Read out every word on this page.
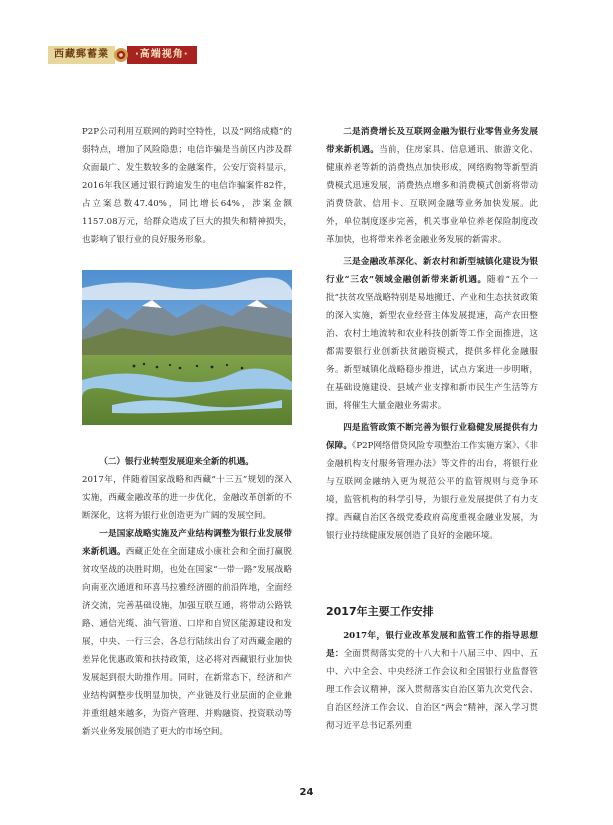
西藏郵蓄業	·高端视角·

P2P公司利用互联网的跨时空特性，以及“网络成瘾”的弱特点，增加了风险隐患；电信诈骗是当前区内涉及群众面最广、发生数较多的金融案件，公安厅资料显示，2016年我区通过银行跨逾发生的电信诈骗案件82件，占立案总数47.40%，同比增长64%，涉案金额1157.08万元，给群众造成了巨大的损失和精神损失，也影响了银行业的良好服务形象。

（二）银行业转型发展迎来全新的机遇。

2017年，伴随着国家战略和西藏“十三五”规划的深入实施，西藏金融改革的进一步优化，金融改革创新的不断深化，这将为银行业创造更为广阔的发展空间。

一是国家战略实施及产业结构调整为银行业发展带来新机遇。西藏正处在全面建成小康社会和全面打赢脱贫攻坚战的决胜时期，也处在国家“一带一路”发展战略向南亚次通道和环喜马拉雅经济圈的前沿阵地，全面经济交流，完善基础设施，加强互联互通，将带动公路铁路、通信光缆、油气管道、口岸和自贸区能源建设和发展，中央、一行三会、各总行陆续出台了对西藏金融的差异化优惠政策和扶持政策，这必将对西藏银行业加快发展起到很大助推作用。同时，在新常态下，经济和产业结构调整步伐明显加快，产业链及行业层面的企业兼并重组越来越多，为资产管理、并购融资、投资联动等新兴业务发展创造了更大的市场空间。

二是消费增长及互联网金融为银行业零售业务发展带来新机遇。当前，住房家具、信息通讯、旅游文化、健康养老等新的消费热点加快形成，网络购物等新型消费模式迅速发展，消费热点增多和消费模式创新将带动消费贷款、信用卡、互联网金融等业务加快发展。此外，单位制度逐步完善，机关事业单位养老保险制度改革加快，也将带来养老金融业务发展的新需求。

三是金融改革深化、新农村和新型城镇化建设为银行业“三农”领域金融创新带来新机遇。随着“五个一批”扶贫攻坚战略特别是易地搬迁、产业和生态扶贫政策的深入实施，新型农业经营主体发展提速，高产农田整治、农村土地流转和农业科技创新等工作全面推进，这都需要银行业创新扶贫融资模式，提供多样化金融服务。新型城镇化战略稳步推进，试点方案进一步明晰，在基础设施建设、县域产业支撑和新市民生产生活等方面，将催生大量金融业务需求。

四是监管政策不断完善为银行业稳健发展提供有力保障。《P2P网络借贷风险专项整治工作实施方案》、《非金融机构支付服务管理办法》等文件的出台，将银行业与互联网金融纳入更为规范公平的监管规则与竞争环境，监管机构的科学引导，为银行业发展提供了有力支撑。西藏自治区各级党委政府高度重视金融业发展，为银行业持续健康发展创造了良好的金融环境。

2017年主要工作安排

2017年，银行业改革发展和监管工作的指导思想是：全面贯彻落实党的十八大和十八届三中、四中、五中、六中全会、中央经济工作会议和全国银行业监督管理工作会议精神，深入贯彻落实自治区第九次党代会、自治区经济工作会议、自治区“两会”精神，深入学习贯彻习近平总书记系列重

24
